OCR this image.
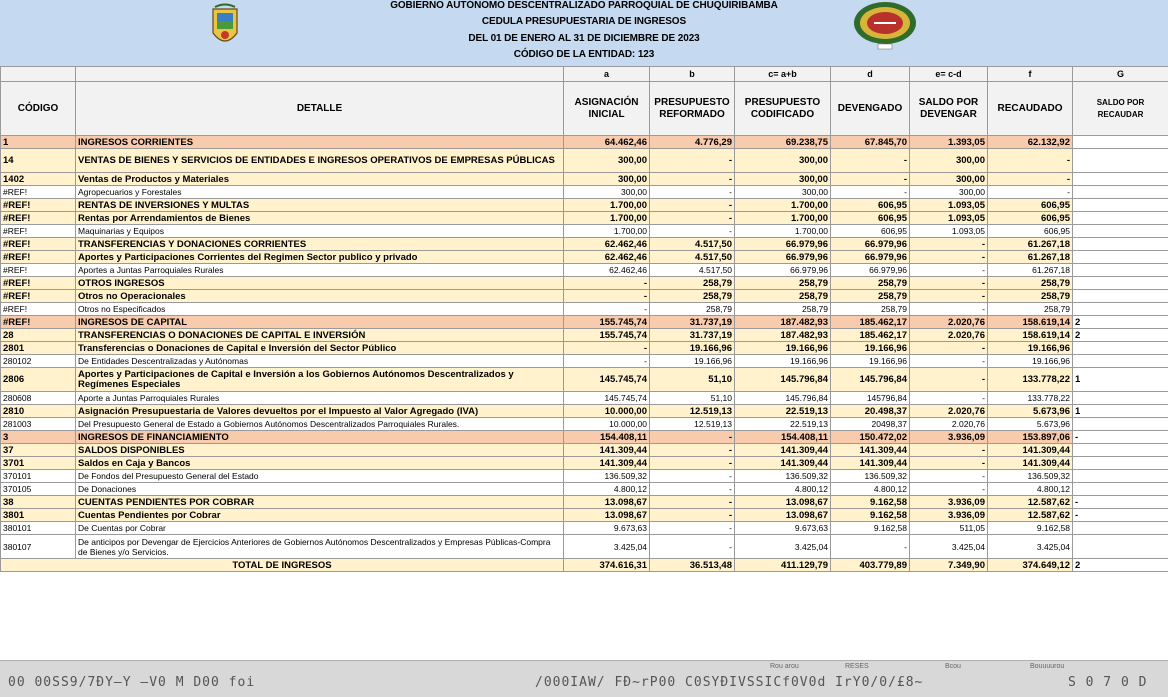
GOBIERNO AUTÓNOMO DESCENTRALIZADO PARROQUIAL DE CHUQUIRIBAMBA
CEDULA PRESUPUESTARIA DE INGRESOS
DEL 01 DE ENERO AL 31 DE DICIEMBRE DE 2023
CÓDIGO DE LA ENTIDAD: 123
		a	b	c= a+b	d	e= c-d	f	G
CÓDIGO	DETALLE	ASIGNACIÓN INICIAL	PRESUPUESTO REFORMADO	PRESUPUESTO CODIFICADO	DEVENGADO	SALDO POR DEVENGAR	RECAUDADO	SALDO POR RECAUDAR
1	INGRESOS CORRIENTES	64.462,46	4.776,29	69.238,75	67.845,70	1.393,05	62.132,92	
14	VENTAS DE BIENES Y SERVICIOS DE ENTIDADES E INGRESOS OPERATIVOS DE EMPRESAS PÚBLICAS	300,00	-	300,00	-	300,00	-	
1402	Ventas de Productos y Materiales	300,00	-	300,00	-	300,00	-	
#REF!	Agropecuarios y Forestales	300,00	-	300,00	-	300,00	-	
#REF!	RENTAS DE INVERSIONES Y MULTAS	1.700,00	-	1.700,00	606,95	1.093,05	606,95	
#REF!	Rentas por Arrendamientos de Bienes	1.700,00	-	1.700,00	606,95	1.093,05	606,95	
#REF!	Maquinarias y Equipos	1.700,00	-	1.700,00	606,95	1.093,05	606,95	
#REF!	TRANSFERENCIAS Y DONACIONES CORRIENTES	62.462,46	4.517,50	66.979,96	66.979,96	-	61.267,18	
#REF!	Aportes y Participaciones Corrientes del Regimen Sector publico y privado	62.462,46	4.517,50	66.979,96	66.979,96	-	61.267,18	
#REF!	Aportes a Juntas Parroquiales Rurales	62.462,46	4.517,50	66.979,96	66.979,96	-	61.267,18	
#REF!	OTROS INGRESOS	-	258,79	258,79	258,79	-	258,79	
#REF!	Otros no Operacionales	-	258,79	258,79	258,79	-	258,79	
#REF!	Otros no Especificados	-	258,79	258,79	258,79	-	258,79	
#REF!	INGRESOS DE CAPITAL	155.745,74	31.737,19	187.482,93	185.462,17	2.020,76	158.619,14	2
28	TRANSFERENCIAS O DONACIONES DE CAPITAL E INVERSIÓN	155.745,74	31.737,19	187.482,93	185.462,17	2.020,76	158.619,14	2
2801	Transferencias o Donaciones de Capital e Inversión del Sector Público	-	19.166,96	19.166,96	19.166,96	-	19.166,96	
280102	De Entidades Descentralizadas y Autónomas	-	19.166,96	19.166,96	19.166,96	-	19.166,96	
2806	Aportes y Participaciones de Capital e Inversión a los Gobiernos Autónomos Descentralizados y Regímenes Especiales	145.745,74	51,10	145.796,84	145.796,84	-	133.778,22	1
280608	Aporte a Juntas Parroquiales Rurales	145.745,74	51,10	145.796,84	145796,84	-	133.778,22	
2810	Asignación Presupuestaria de Valores devueltos por el Impuesto al Valor Agregado (IVA)	10.000,00	12.519,13	22.519,13	20.498,37	2.020,76	5.673,96	1
281003	Del Presupuesto General de Estado a Gobiernos Autónomos Descentralizados Parroquiales Rurales.	10.000,00	12.519,13	22.519,13	20498,37	2.020,76	5.673,96	
3	INGRESOS DE FINANCIAMIENTO	154.408,11	-	154.408,11	150.472,02	3.936,09	153.897,06	-
37	SALDOS DISPONIBLES	141.309,44	-	141.309,44	141.309,44	-	141.309,44	
3701	Saldos en Caja y Bancos	141.309,44	-	141.309,44	141.309,44	-	141.309,44	
370101	De Fondos del Presupuesto General del Estado	136.509,32	-	136.509,32	136.509,32	-	136.509,32	
370105	De Donaciones	4.800,12	-	4.800,12	4.800,12	-	4.800,12	
38	CUENTAS PENDIENTES POR COBRAR	13.098,67	-	13.098,67	9.162,58	3.936,09	12.587,62	-
3801	Cuentas Pendientes por Cobrar	13.098,67	-	13.098,67	9.162,58	3.936,09	12.587,62	-
380101	De Cuentas por Cobrar	9.673,63	-	9.673,63	9.162,58	511,05	9.162,58	
380107	De anticipos por Devengar de Ejercicios Anteriores de Gobiernos Autónomos Descentralizados y Empresas Públicas-Compra de Bienes y/o Servicios.	3.425,04	-	3.425,04	-	3.425,04	3.425,04	
TOTAL DE INGRESOS		374.616,31	36.513,48	411.129,79	403.779,89	7.349,90	374.649,12	2
Rou arou	RESES	Bcou	Bouuuurou
00 00SS9/7ÐY—Y —V0 M D00 foi	/000IAW/ FÐ~rP00 C0SYÐIVSSICf0V0d IrY0/0/£8~	S 0 7 0 D
